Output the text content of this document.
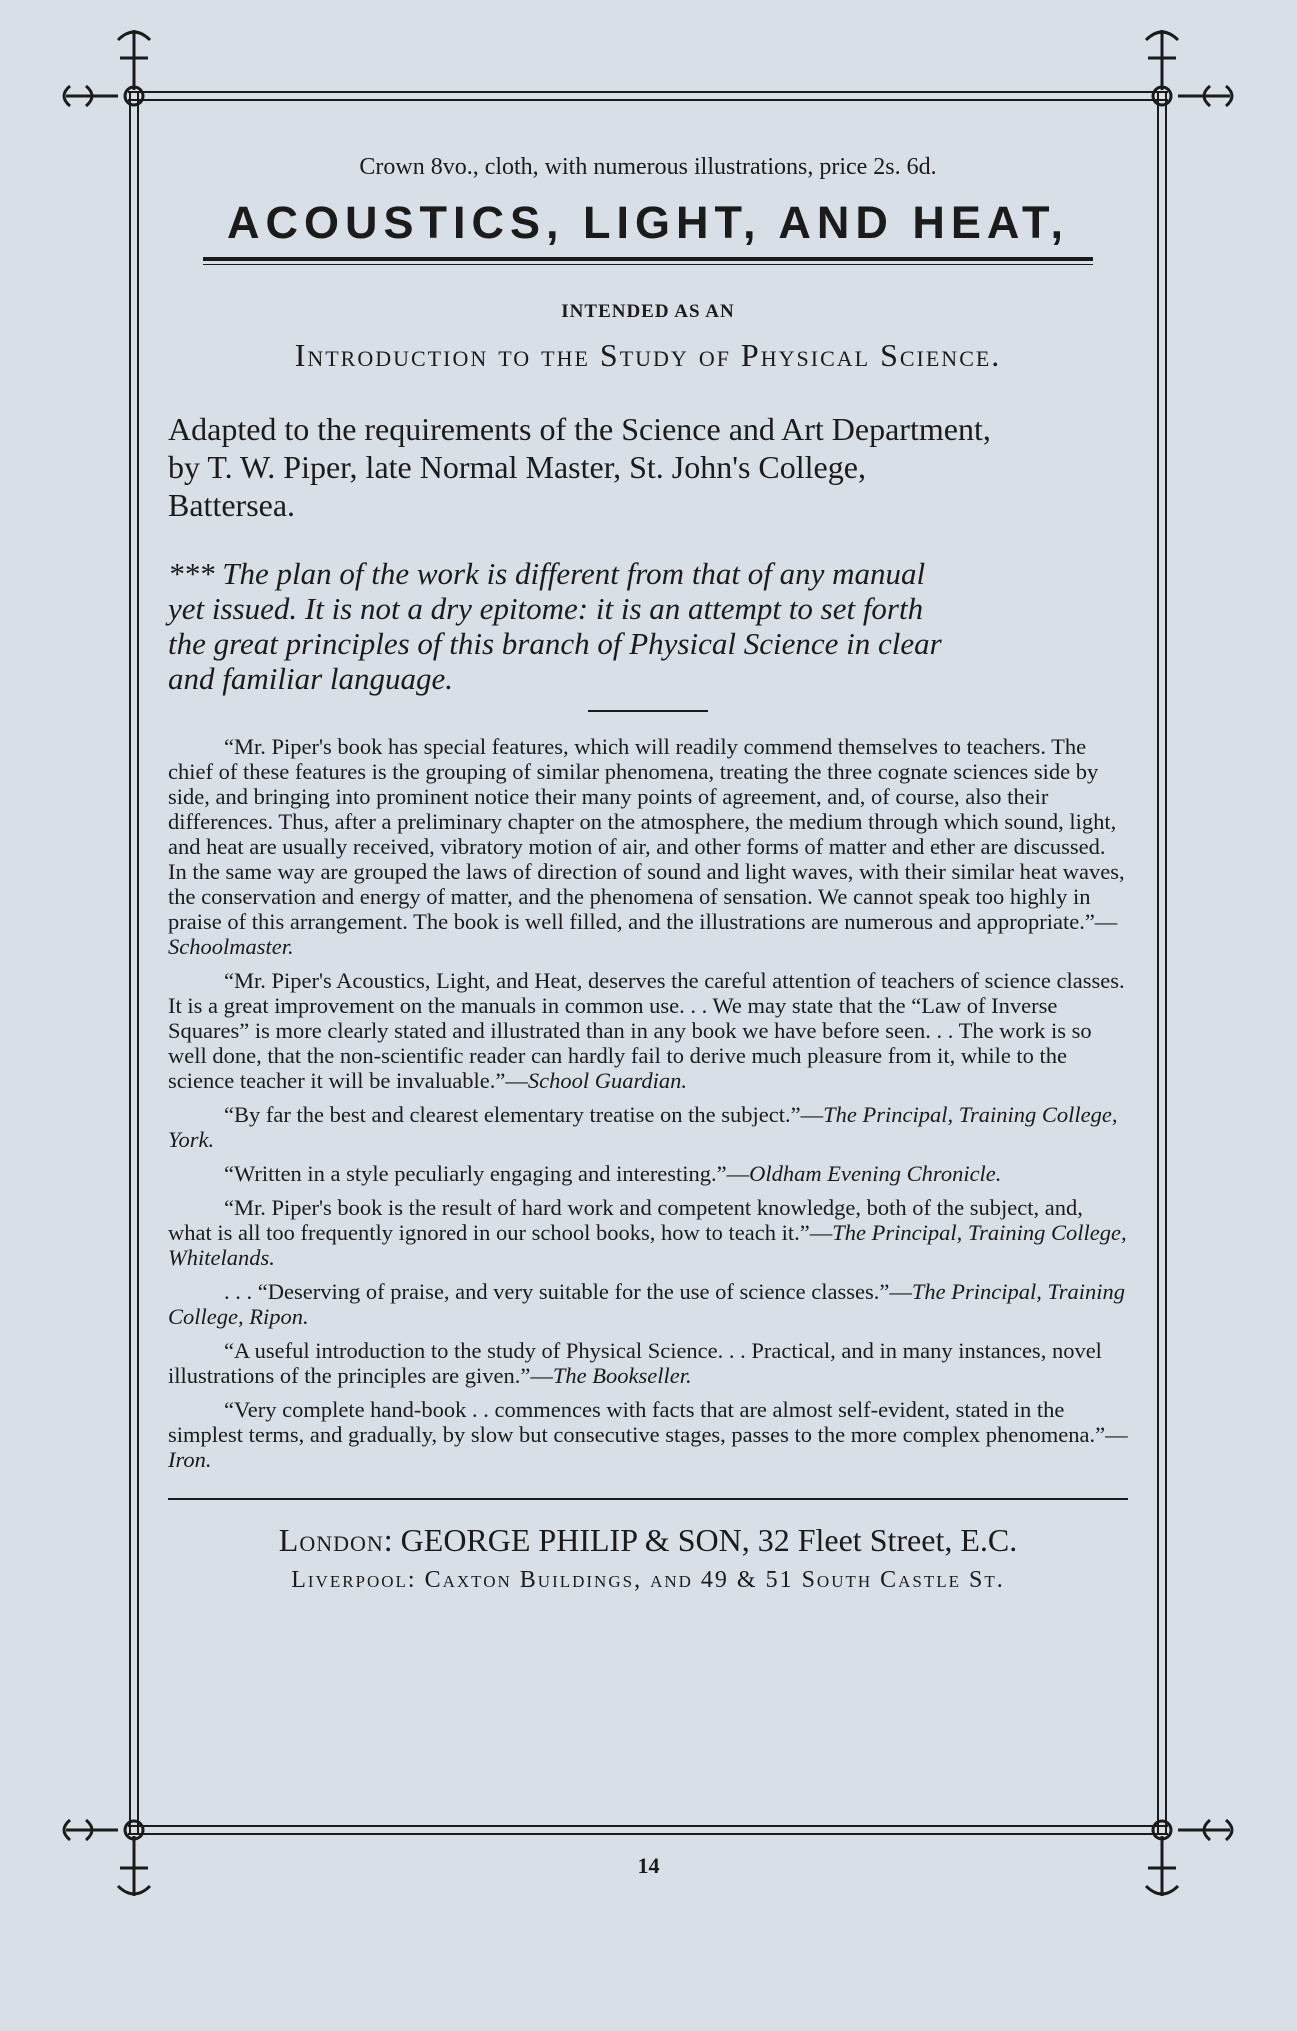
Crown 8vo., cloth, with numerous illustrations, price 2s. 6d.
ACOUSTICS, LIGHT, AND HEAT,
INTENDED AS AN
Introduction to the Study of Physical Science.
Adapted to the requirements of the Science and Art Department,
by T. W. Piper, late Normal Master, St. John's College,
Battersea.
*** The plan of the work is different from that of any manual
yet issued. It is not a dry epitome: it is an attempt to set forth
the great principles of this branch of Physical Science in clear
and familiar language.

“Mr. Piper's book has special features, which will readily commend themselves to teachers. The chief of these features is the grouping of similar phenomena, treating the three cognate sciences side by side, and bringing into prominent notice their many points of agreement, and, of course, also their differences. Thus, after a preliminary chapter on the atmosphere, the medium through which sound, light, and heat are usually received, vibratory motion of air, and other forms of matter and ether are discussed. In the same way are grouped the laws of direction of sound and light waves, with their similar heat waves, the conservation and energy of matter, and the phenomena of sensation. We cannot speak too highly in praise of this arrangement. The book is well filled, and the illustrations are numerous and appropriate.”—Schoolmaster.

“Mr. Piper's Acoustics, Light, and Heat, deserves the careful attention of teachers of science classes. It is a great improvement on the manuals in common use. . . We may state that the “Law of Inverse Squares” is more clearly stated and illustrated than in any book we have before seen. . . The work is so well done, that the non-scientific reader can hardly fail to derive much pleasure from it, while to the science teacher it will be invaluable.”—School Guardian.

“By far the best and clearest elementary treatise on the subject.”—The Principal, Training College, York.

“Written in a style peculiarly engaging and interesting.”—Oldham Evening Chronicle.

“Mr. Piper's book is the result of hard work and competent knowledge, both of the subject, and, what is all too frequently ignored in our school books, how to teach it.”—The Principal, Training College, Whitelands.

. . . “Deserving of praise, and very suitable for the use of science classes.”—The Principal, Training College, Ripon.

“A useful introduction to the study of Physical Science. . . Practical, and in many instances, novel illustrations of the principles are given.”—The Bookseller.

“Very complete hand-book . . commences with facts that are almost self-evident, stated in the simplest terms, and gradually, by slow but consecutive stages, passes to the more complex phenomena.”—Iron.

London: GEORGE PHILIP & SON, 32 Fleet Street, E.C.
Liverpool: Caxton Buildings, and 49 & 51 South Castle St.
14
